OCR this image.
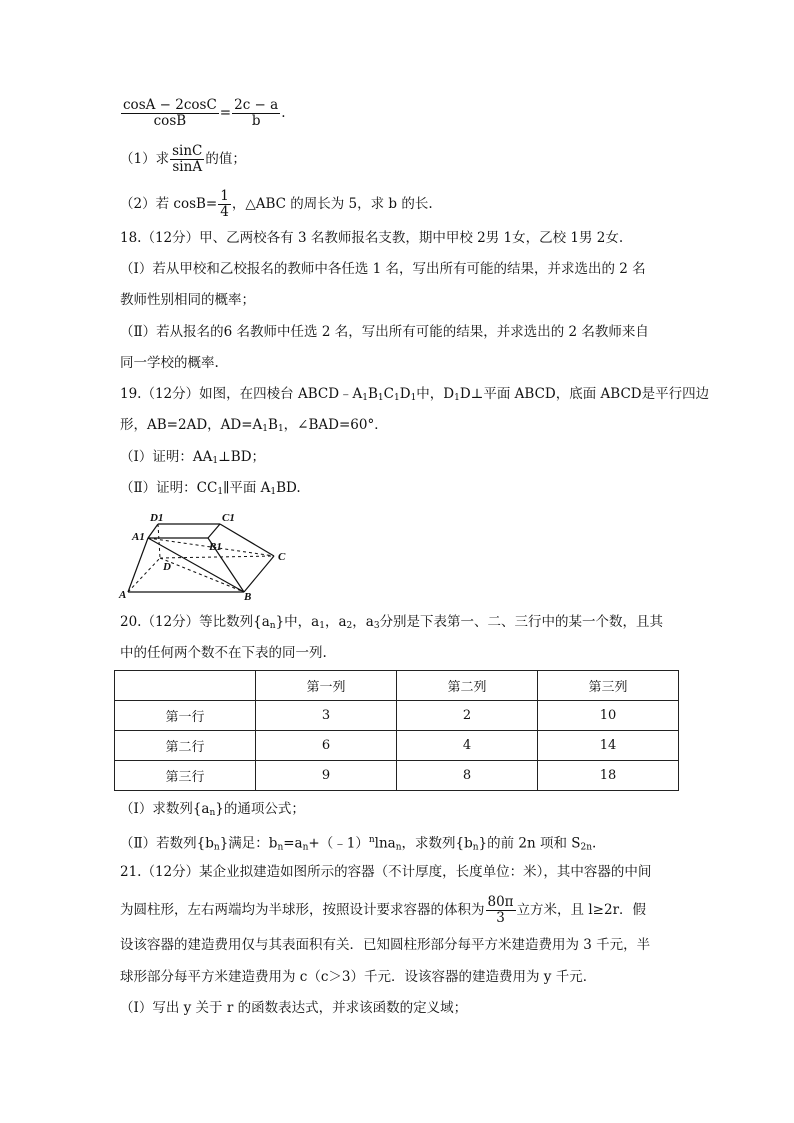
$\frac{\cos A - 2\cos C}{\cos B} = \frac{2c - a}{b}$ .
（1）求 $\frac{\sin C}{\sin A}$ 的值；
（2）若 $\cos B= \frac{1}{4}$ ，△ABC 的周长为 5，求 b 的长.
18.（12分）甲、乙两校各有 3 名教师报名支教，期中甲校 2男 1女，乙校 1男 2女.
（Ⅰ）若从甲校和乙校报名的教师中各任选 1 名，写出所有可能的结果，并求选出的 2 名
教师性别相同的概率；
（Ⅱ）若从报名的6 名教师中任选 2 名，写出所有可能的结果，并求选出的 2 名教师来自
同一学校的概率.
19.（12分）如图，在四棱台 $ABCD﹣A_1B_1C_1D_1$中，$D_1D\perp$平面 ABCD，底面 ABCD是平行四边
形，AB=2AD，$AD=A_1B_1$，∠BAD=60°．
（Ⅰ）证明：$AA_1\perp BD$；
（Ⅱ）证明：$CC_1\parallel$平面 $A_1BD$.
D1	C1
A1
B1
C
D
A	B
20.（12分）等比数列$\{a_n\}$中，$a_1$，$a_2$，$a_3$分别是下表第一、二、三行中的某一个数，且其
中的任何两个数不在下表的同一列.
	第一列	第二列	第三列
第一行	3	2	10
第二行	6	4	14
第三行	9	8	18
（Ⅰ）求数列$\{a_n\}$的通项公式；
（Ⅱ）若数列$\{b_n\}$满足：$b_n=a_n+(﹣1)^n\ln a_n$，求数列$\{b_n\}$的前 2n 项和 $S_{2n}$.
21.（12分）某企业拟建造如图所示的容器（不计厚度，长度单位：米），其中容器的中间
为圆柱形，左右两端均为半球形，按照设计要求容器的体积为 $\frac{80\pi}{3}$ 立方米，且 l≥2r．假
设该容器的建造费用仅与其表面积有关．已知圆柱形部分每平方米建造费用为 3 千元，半
球形部分每平方米建造费用为 c（c＞3）千元．设该容器的建造费用为 y 千元．
（Ⅰ）写出 y 关于 r 的函数表达式，并求该函数的定义域；
